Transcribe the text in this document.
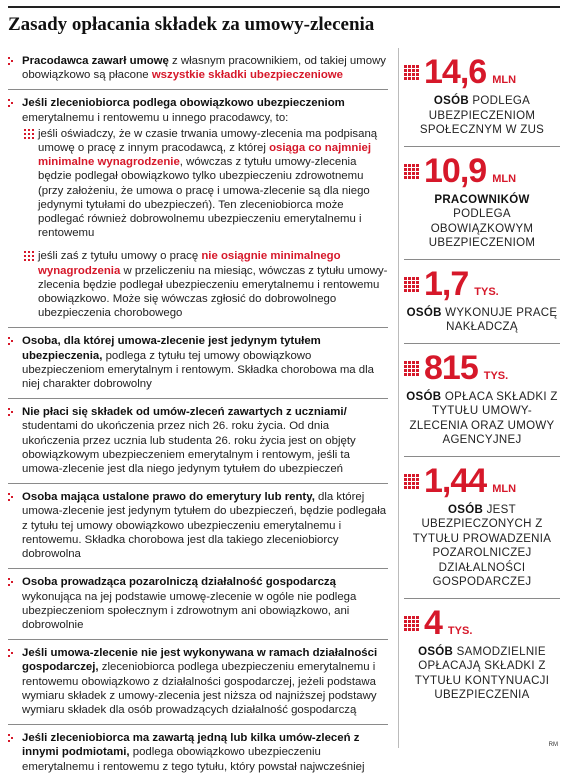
Zasady opłacania składek za umowy-zlecenia
Pracodawca zawarł umowę z własnym pracownikiem, od takiej umowy obowiązkowo są płacone wszystkie składki ubezpieczeniowe
Jeśli zleceniobiorca podlega obowiązkowo ubezpieczeniom emerytalnemu i rentowemu u innego pracodawcy, to:
jeśli oświadczy, że w czasie trwania umowy-zlecenia ma podpisaną umowę o pracę z innym pracodawcą, z której osiąga co najmniej minimalne wynagrodzenie, wówczas z tytułu umowy-zlecenia będzie podlegał obowiązkowo tylko ubezpieczeniu zdrowotnemu (przy założeniu, że umowa o pracę i umowa-zlecenie są dla niego jedynymi tytułami do ubezpieczeń). Ten zleceniobiorca może podlegać również dobrowolnemu ubezpieczeniu emerytalnemu i rentowemu
jeśli zaś z tytułu umowy o pracę nie osiągnie minimalnego wynagrodzenia w przeliczeniu na miesiąc, wówczas z tytułu umowy-zlecenia będzie podlegał ubezpieczeniu emerytalnemu i rentowemu obowiązkowo. Może się wówczas zgłosić do dobrowolnego ubezpieczenia chorobowego
Osoba, dla której umowa-zlecenie jest jedynym tytułem ubezpieczenia, podlega z tytułu tej umowy obowiązkowo ubezpieczeniom emerytalnym i rentowym. Składka chorobowa ma dla niej charakter dobrowolny
Nie płaci się składek od umów-zleceń zawartych z uczniami/ studentami do ukończenia przez nich 26. roku życia. Od dnia ukończenia przez ucznia lub studenta 26. roku życia jest on objęty obowiązkowym ubezpieczeniem emerytalnym i rentowym, jeśli ta umowa-zlecenie jest dla niego jedynym tytułem do ubezpieczeń
Osoba mająca ustalone prawo do emerytury lub renty, dla której umowa-zlecenie jest jedynym tytułem do ubezpieczeń, będzie podlegała z tytułu tej umowy obowiązkowo ubezpieczeniu emerytalnemu i rentowemu. Składka chorobowa jest dla takiego zleceniobiorcy dobrowolna
Osoba prowadząca pozarolniczą działalność gospodarczą wykonująca na jej podstawie umowę-zlecenie w ogóle nie podlega ubezpieczeniom społecznym i zdrowotnym ani obowiązkowo, ani dobrowolnie
Jeśli umowa-zlecenie nie jest wykonywana w ramach działalności gospodarczej, zleceniobiorca podlega ubezpieczeniu emerytalnemu i rentowemu obowiązkowo z działalności gospodarczej, jeżeli podstawa wymiaru składek z umowy-zlecenia jest niższa od najniższej podstawy wymiaru składek dla osób prowadzących działalność gospodarczą
Jeśli zleceniobiorca ma zawartą jedną lub kilka umów-zleceń z innymi podmiotami, podlega obowiązkowo ubezpieczeniu emerytalnemu i rentowemu z tego tytułu, który powstał najwcześniej
14,6 MLN
OSÓB PODLEGA UBEZPIECZENIOM SPOŁECZNYM W ZUS
10,9 MLN
PRACOWNIKÓW PODLEGA OBOWIĄZKOWYM UBEZPIECZENIOM
1,7 TYS.
OSÓB WYKONUJE PRACĘ NAKŁADCZĄ
815 TYS.
OSÓB OPŁACA SKŁADKI Z TYTUŁU UMOWY-ZLECENIA ORAZ UMOWY AGENCYJNEJ
1,44 MLN
OSÓB JEST UBEZPIECZONYCH Z TYTUŁU PROWADZENIA POZAROLNICZEJ DZIAŁALNOŚCI GOSPODARCZEJ
4 TYS.
OSÓB SAMODZIELNIE OPŁACAJĄ SKŁADKI Z TYTUŁU KONTYNUACJI UBEZPIECZENIA
RM
